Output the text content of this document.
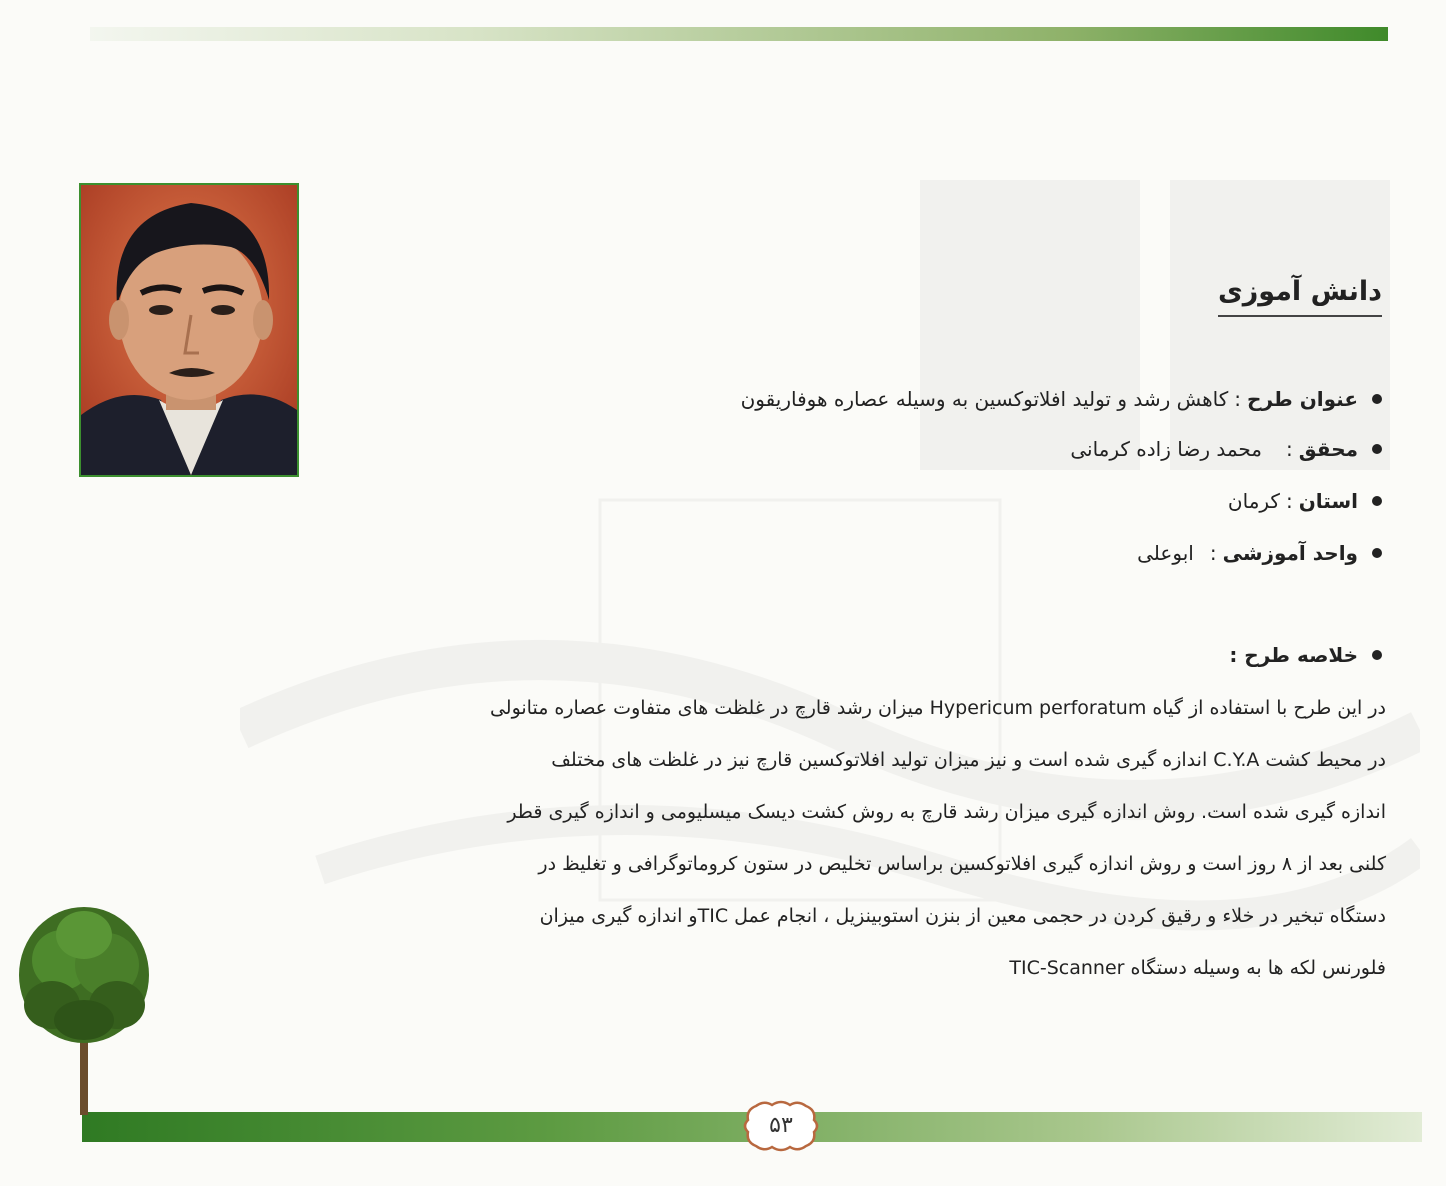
دانش آموزی
عنوان طرح:کاهش رشد و تولید افلاتوکسین به وسیله عصاره هوفاریقون
محقق:محمد رضا زاده کرمانی
استان:کرمان
واحد آموزشی:ابوعلی
خلاصه طرح :
در این طرح با استفاده از گیاه Hypericum perforatum میزان رشد قارچ در غلظت های متفاوت عصاره متانولی
در محیط کشت C.Y.A اندازه گیری شده است و نیز میزان تولید افلاتوکسین قارچ نیز در غلظت های مختلف
اندازه گیری شده است. روش اندازه گیری میزان رشد قارچ به روش کشت دیسک میسلیومی و اندازه گیری قطر
کلنی بعد از ۸ روز است و روش اندازه گیری افلاتوکسین براساس تخلیص در ستون کروماتوگرافی و تغلیظ در
دستگاه تبخیر در خلاء و رقیق کردن در حجمی معین از بنزن استوبینزیل ، انجام عمل TICو اندازه گیری میزان
فلورنس لکه ها به وسیله دستگاه TIC-Scanner
۵۳
